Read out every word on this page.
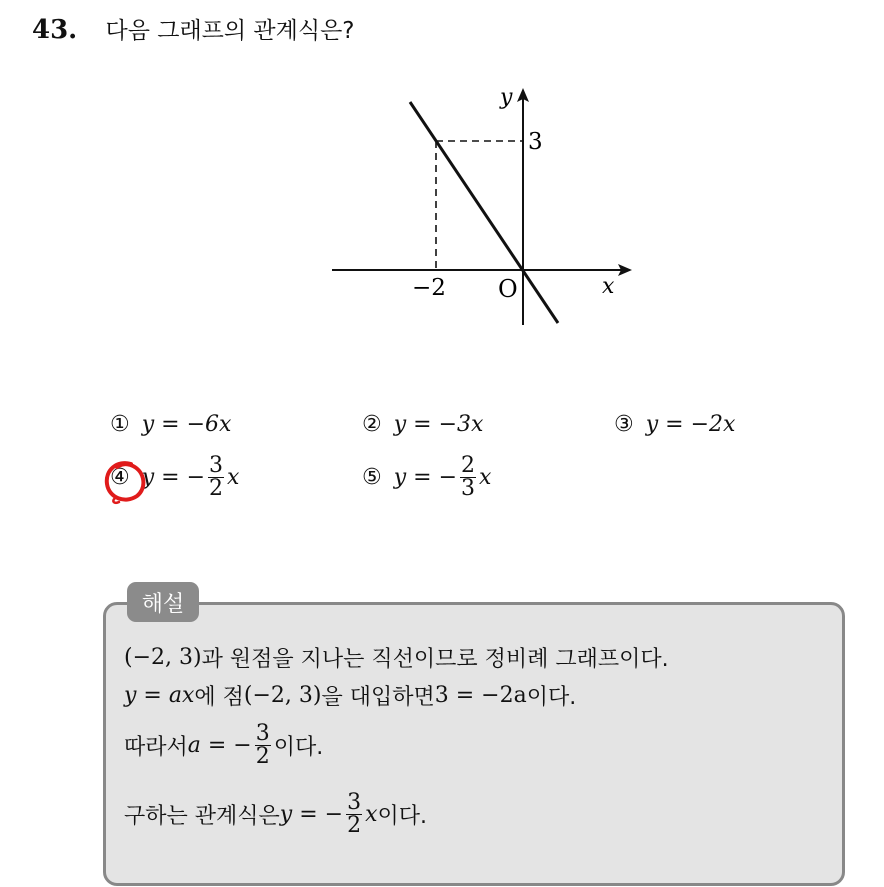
43. 다음 그래프의 관계식은?
y
x
O
3
−2
① y = −6x	② y = −3x	③ y = −2x
④ y = − $\frac{3}{2}$ x	⑤ y = − $\frac{2}{3}$ x
해설
(−2, 3) 과 원점을 지나는 직선이므로 정비례 그래프이다.
y = ax 에 점 (−2, 3) 을 대입하면 3 = −2a 이다.
따라서 a = − $\frac{3}{2}$ 이다.
구하는 관계식은 y = − $\frac{3}{2}$ x 이다.
